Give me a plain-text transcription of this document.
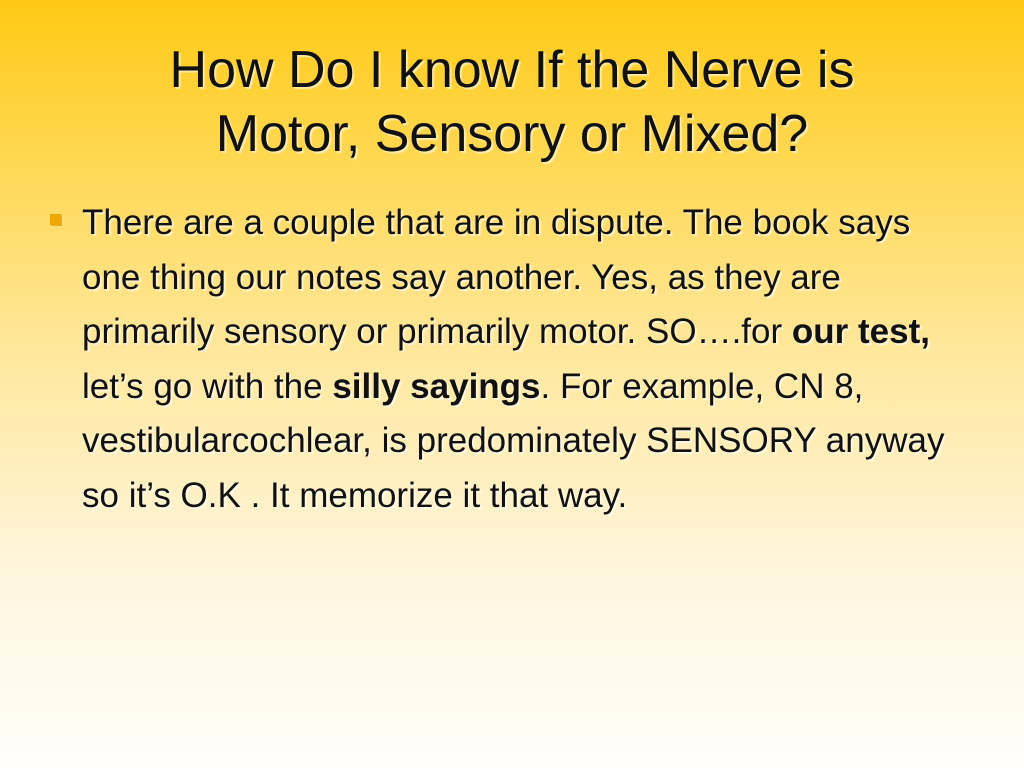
How Do I know If the Nerve is
Motor, Sensory or Mixed?
There are a couple that are in dispute. The book says one thing our notes say another. Yes, as they are primarily sensory or primarily motor. SO….for our test, let’s go with the silly sayings. For example, CN 8, vestibularcochlear, is predominately SENSORY anyway so it’s O.K . It memorize it that way.
